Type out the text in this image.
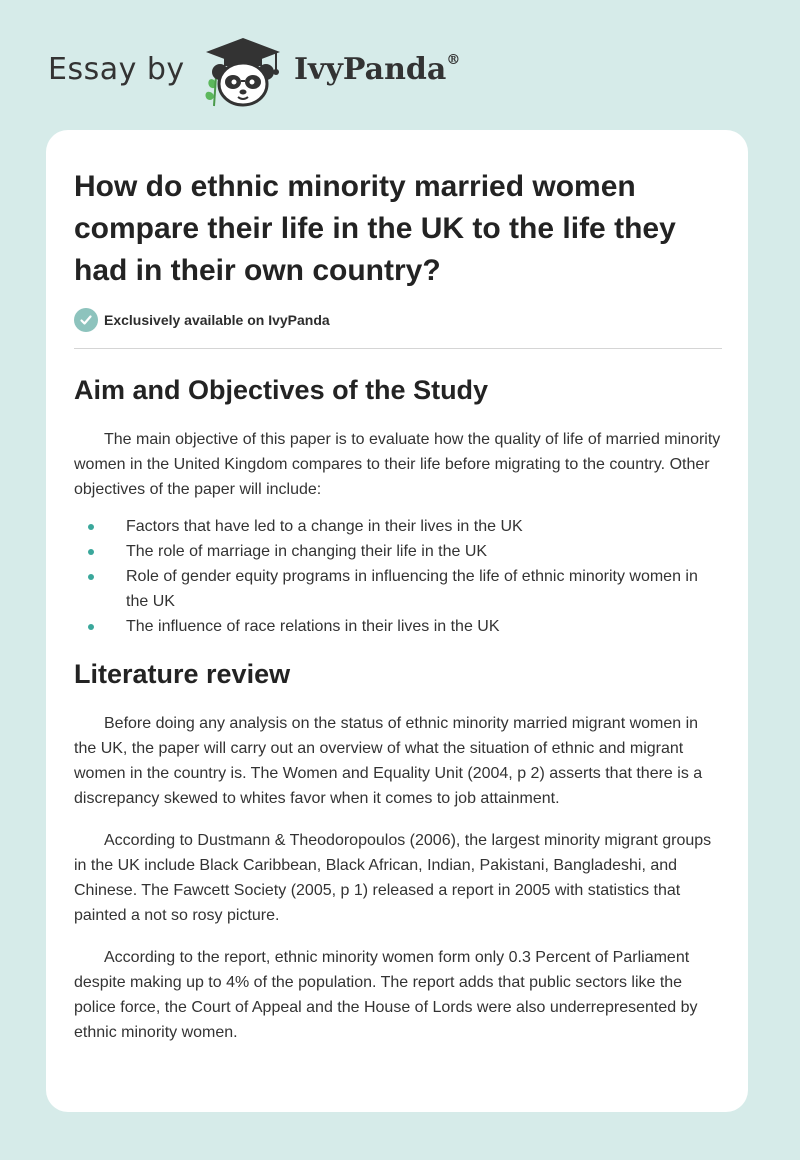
Essay by	IvyPanda®
How do ethnic minority married women compare their life in the UK to the life they had in their own country?
Exclusively available on IvyPanda
Aim and Objectives of the Study

The main objective of this paper is to evaluate how the quality of life of married minority women in the United Kingdom compares to their life before migrating to the country. Other objectives of the paper will include:

Factors that have led to a change in their lives in the UK
The role of marriage in changing their life in the UK
Role of gender equity programs in influencing the life of ethnic minority women in the UK
The influence of race relations in their lives in the UK
Literature review

Before doing any analysis on the status of ethnic minority married migrant women in the UK, the paper will carry out an overview of what the situation of ethnic and migrant women in the country is. The Women and Equality Unit (2004, p 2) asserts that there is a discrepancy skewed to whites favor when it comes to job attainment.

According to Dustmann & Theodoropoulos (2006), the largest minority migrant groups in the UK include Black Caribbean, Black African, Indian, Pakistani, Bangladeshi, and Chinese. The Fawcett Society (2005, p 1) released a report in 2005 with statistics that painted a not so rosy picture.

According to the report, ethnic minority women form only 0.3 Percent of Parliament despite making up to 4% of the population. The report adds that public sectors like the police force, the Court of Appeal and the House of Lords were also underrepresented by ethnic minority women.
